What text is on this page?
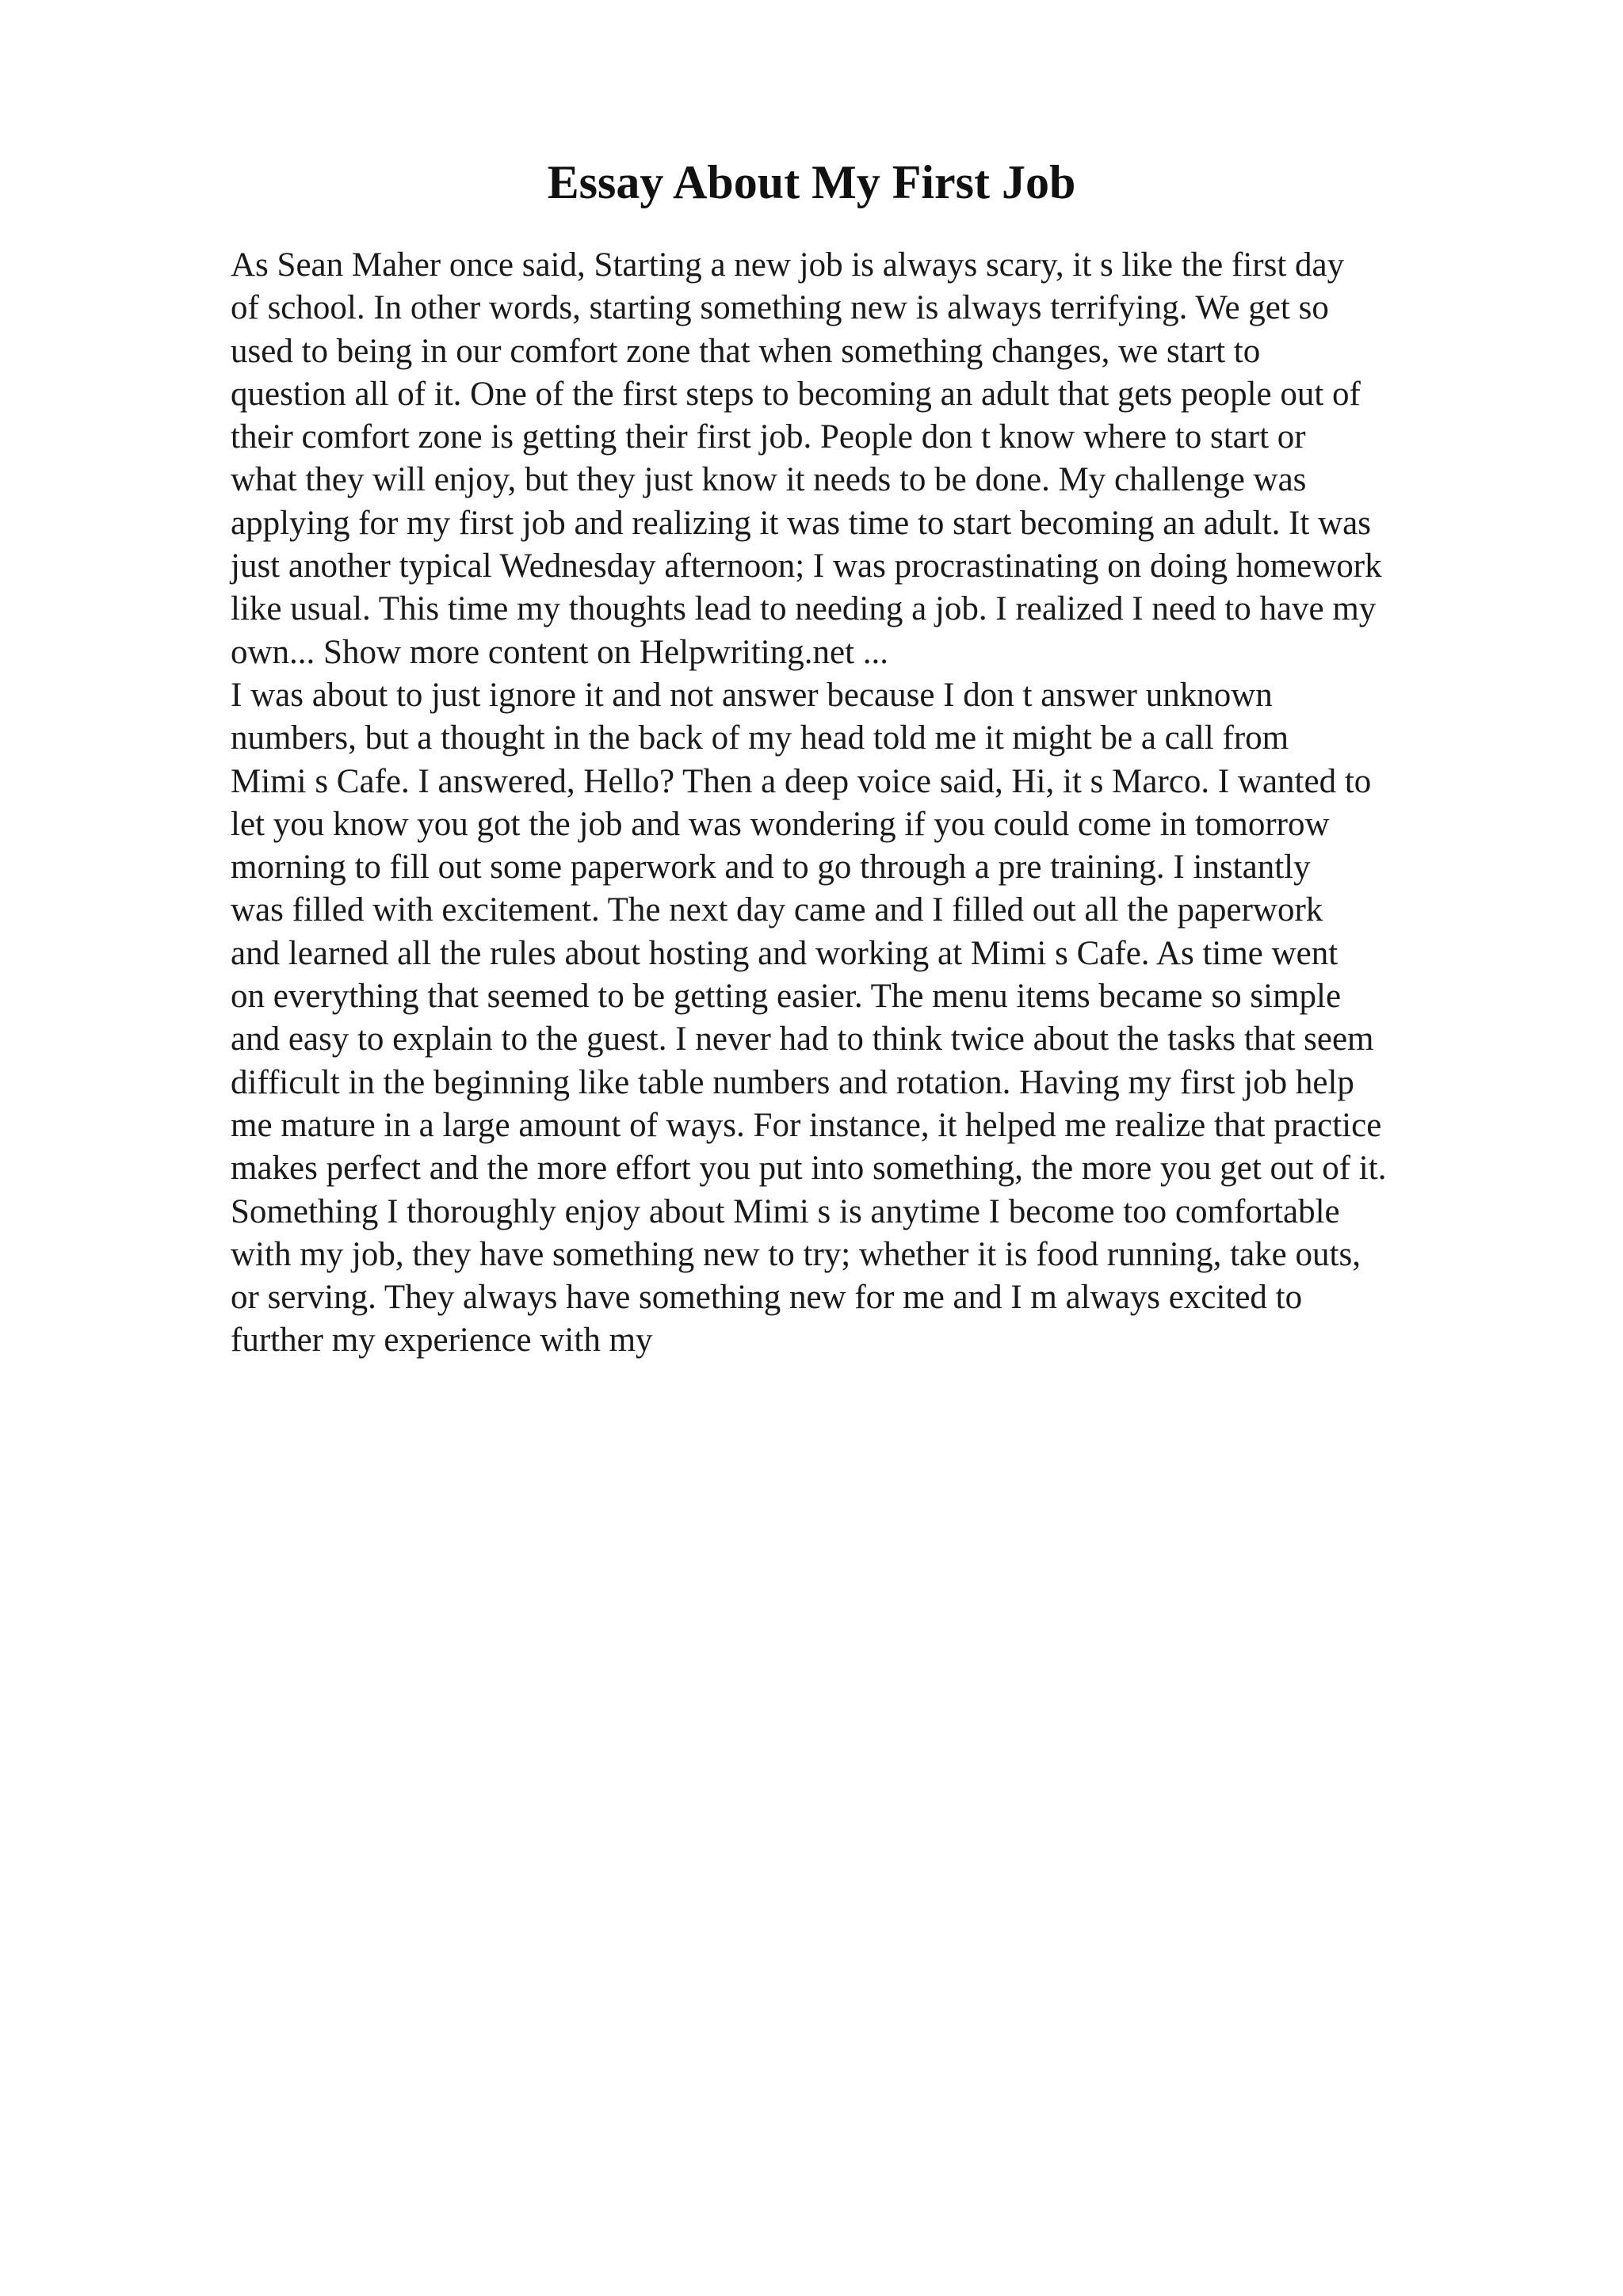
Essay About My First Job
As Sean Maher once said, Starting a new job is always scary, it s like the first day
of school. In other words, starting something new is always terrifying. We get so
used to being in our comfort zone that when something changes, we start to
question all of it. One of the first steps to becoming an adult that gets people out of
their comfort zone is getting their first job. People don t know where to start or
what they will enjoy, but they just know it needs to be done. My challenge was
applying for my first job and realizing it was time to start becoming an adult. It was
just another typical Wednesday afternoon; I was procrastinating on doing homework
like usual. This time my thoughts lead to needing a job. I realized I need to have my
own... Show more content on Helpwriting.net ...
I was about to just ignore it and not answer because I don t answer unknown
numbers, but a thought in the back of my head told me it might be a call from
Mimi s Cafe. I answered, Hello? Then a deep voice said, Hi, it s Marco. I wanted to
let you know you got the job and was wondering if you could come in tomorrow
morning to fill out some paperwork and to go through a pre training. I instantly
was filled with excitement. The next day came and I filled out all the paperwork
and learned all the rules about hosting and working at Mimi s Cafe. As time went
on everything that seemed to be getting easier. The menu items became so simple
and easy to explain to the guest. I never had to think twice about the tasks that seem
difficult in the beginning like table numbers and rotation. Having my first job help
me mature in a large amount of ways. For instance, it helped me realize that practice
makes perfect and the more effort you put into something, the more you get out of it.
Something I thoroughly enjoy about Mimi s is anytime I become too comfortable
with my job, they have something new to try; whether it is food running, take outs,
or serving. They always have something new for me and I m always excited to
further my experience with my
